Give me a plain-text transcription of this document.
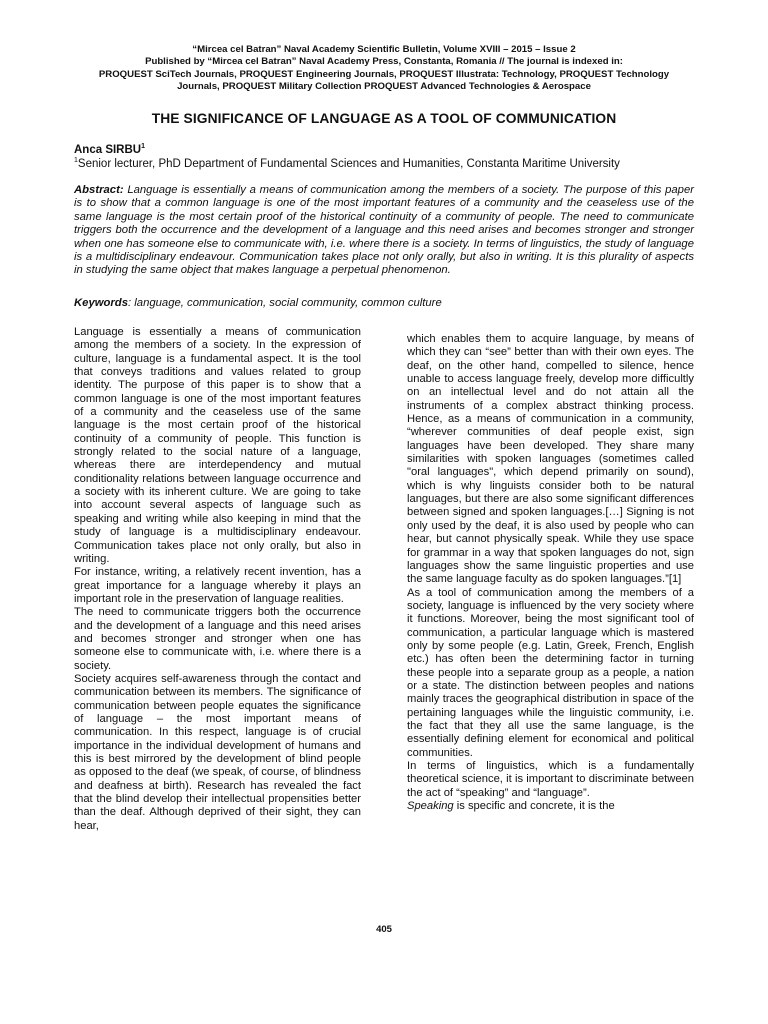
“Mircea cel Batran” Naval Academy Scientific Bulletin, Volume XVIII – 2015 – Issue 2
Published by “Mircea cel Batran” Naval Academy Press, Constanta, Romania // The journal is indexed in:
PROQUEST SciTech Journals, PROQUEST Engineering Journals, PROQUEST Illustrata: Technology, PROQUEST Technology
Journals, PROQUEST Military Collection PROQUEST Advanced Technologies & Aerospace
THE SIGNIFICANCE OF LANGUAGE AS A TOOL OF COMMUNICATION
Anca SIRBU$^1$
$^1$Senior lecturer, PhD Department of Fundamental Sciences and Humanities, Constanta Maritime University
Abstract: Language is essentially a means of communication among the members of a society. The purpose of this paper is to show that a common language is one of the most important features of a community and the ceaseless use of the same language is the most certain proof of the historical continuity of a community of people. The need to communicate triggers both the occurrence and the development of a language and this need arises and becomes stronger and stronger when one has someone else to communicate with, i.e. where there is a society. In terms of linguistics, the study of language is a multidisciplinary endeavour. Communication takes place not only orally, but also in writing. It is this plurality of aspects in studying the same object that makes language a perpetual phenomenon.
Keywords: language, communication, social community, common culture

Language is essentially a means of communication among the members of a society. In the expression of culture, language is a fundamental aspect. It is the tool that conveys traditions and values related to group identity. The purpose of this paper is to show that a common language is one of the most important features of a community and the ceaseless use of the same language is the most certain proof of the historical continuity of a community of people. This function is strongly related to the social nature of a language, whereas there are interdependency and mutual conditionality relations between language occurrence and a society with its inherent culture. We are going to take into account several aspects of language such as speaking and writing while also keeping in mind that the study of language is a multidisciplinary endeavour. Communication takes place not only orally, but also in writing.

For instance, writing, a relatively recent invention, has a great importance for a language whereby it plays an important role in the preservation of language realities.

The need to communicate triggers both the occurrence and the development of a language and this need arises and becomes stronger and stronger when one has someone else to communicate with, i.e. where there is a society.

Society acquires self-awareness through the contact and communication between its members. The significance of communication between people equates the significance of language – the most important means of communication. In this respect, language is of crucial importance in the individual development of humans and this is best mirrored by the development of blind people as opposed to the deaf (we speak, of course, of blindness and deafness at birth). Research has revealed the fact that the blind develop their intellectual propensities better than the deaf. Although deprived of their sight, they can hear,

which enables them to acquire language, by means of which they can “see” better than with their own eyes. The deaf, on the other hand, compelled to silence, hence unable to access language freely, develop more difficultly on an intellectual level and do not attain all the instruments of a complex abstract thinking process. Hence, as a means of communication in a community, “wherever communities of deaf people exist, sign languages have been developed. They share many similarities with spoken languages (sometimes called "oral languages", which depend primarily on sound), which is why linguists consider both to be natural languages, but there are also some significant differences between signed and spoken languages.[…] Signing is not only used by the deaf, it is also used by people who can hear, but cannot physically speak. While they use space for grammar in a way that spoken languages do not, sign languages show the same linguistic properties and use the same language faculty as do spoken languages.”[1]

As a tool of communication among the members of a society, language is influenced by the very society where it functions. Moreover, being the most significant tool of communication, a particular language which is mastered only by some people (e.g. Latin, Greek, French, English etc.) has often been the determining factor in turning these people into a separate group as a people, a nation or a state. The distinction between peoples and nations mainly traces the geographical distribution in space of the pertaining languages while the linguistic community, i.e. the fact that they all use the same language, is the essentially defining element for economical and political communities.

In terms of linguistics, which is a fundamentally theoretical science, it is important to discriminate between the act of “speaking” and “language”.

Speaking is specific and concrete, it is the

405
